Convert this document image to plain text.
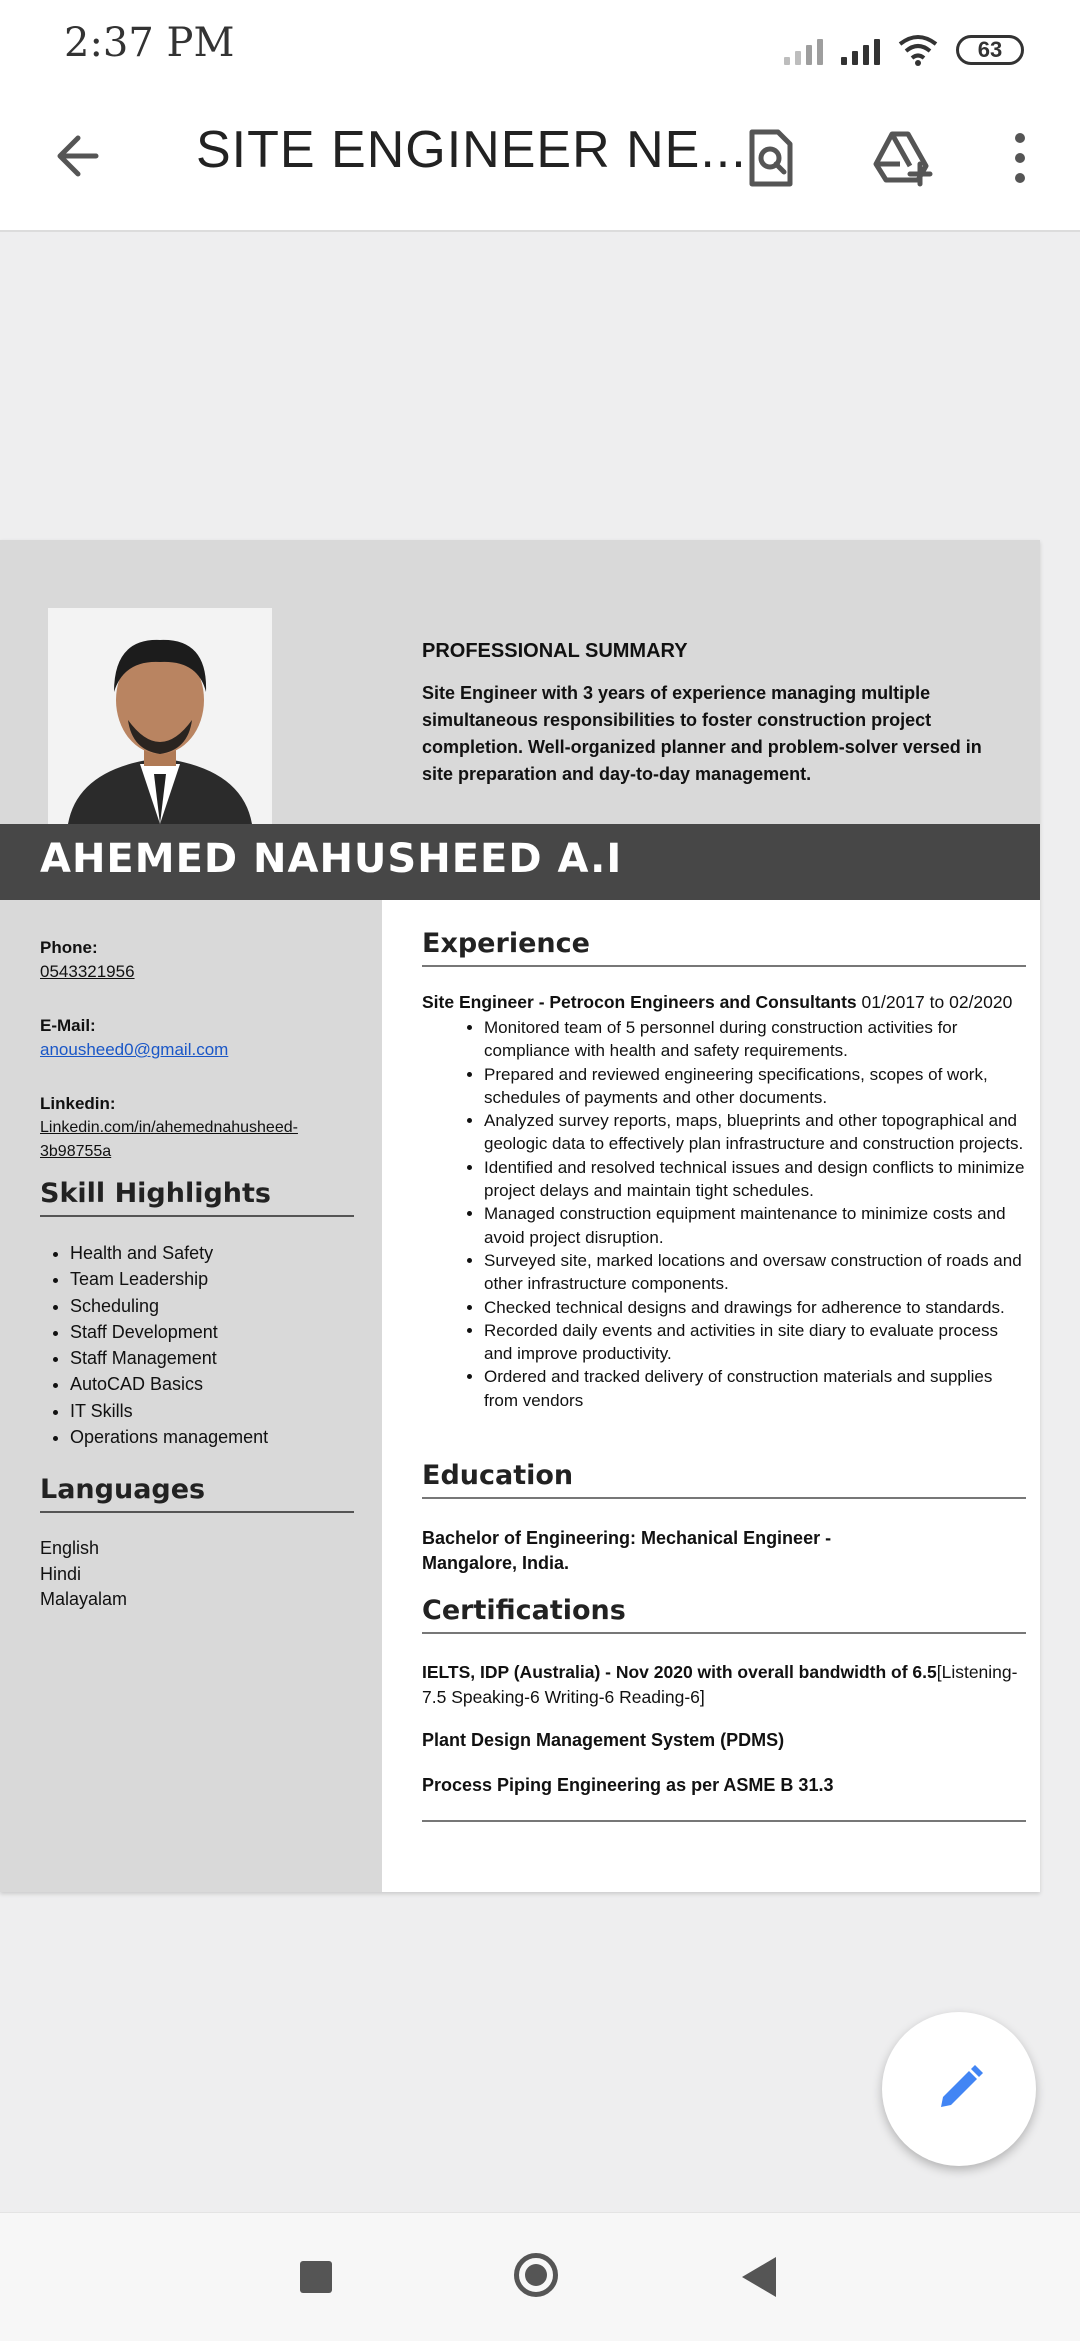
2:37 PM	63
SITE ENGINEER NE...
PROFESSIONAL SUMMARY
Site Engineer with 3 years of experience managing multiple simultaneous responsibilities to foster construction project completion. Well-organized planner and problem-solver versed in site preparation and day-to-day management.
AHEMED NAHUSHEED A.I
Phone:
0543321956
E-Mail:
anousheed0@gmail.com
Linkedin:
Linkedin.com/in/ahemednahusheed-
3b98755a
Skill Highlights
• Health and Safety
• Team Leadership
• Scheduling
• Staff Development
• Staff Management
• AutoCAD Basics
• IT Skills
• Operations management
Languages
English
Hindi
Malayalam
Experience
Site Engineer - Petrocon Engineers and Consultants 01/2017 to 02/2020
• Monitored team of 5 personnel during construction activities for compliance with health and safety requirements.
• Prepared and reviewed engineering specifications, scopes of work, schedules of payments and other documents.
• Analyzed survey reports, maps, blueprints and other topographical and geologic data to effectively plan infrastructure and construction projects.
• Identified and resolved technical issues and design conflicts to minimize project delays and maintain tight schedules.
• Managed construction equipment maintenance to minimize costs and avoid project disruption.
• Surveyed site, marked locations and oversaw construction of roads and other infrastructure components.
• Checked technical designs and drawings for adherence to standards.
• Recorded daily events and activities in site diary to evaluate process and improve productivity.
• Ordered and tracked delivery of construction materials and supplies from vendors
Education
Bachelor of Engineering: Mechanical Engineer -
Mangalore, India.
Certifications
IELTS, IDP (Australia) - Nov 2020 with overall bandwidth of 6.5[Listening-7.5 Speaking-6 Writing-6 Reading-6]
Plant Design Management System (PDMS)
Process Piping Engineering as per ASME B 31.3
